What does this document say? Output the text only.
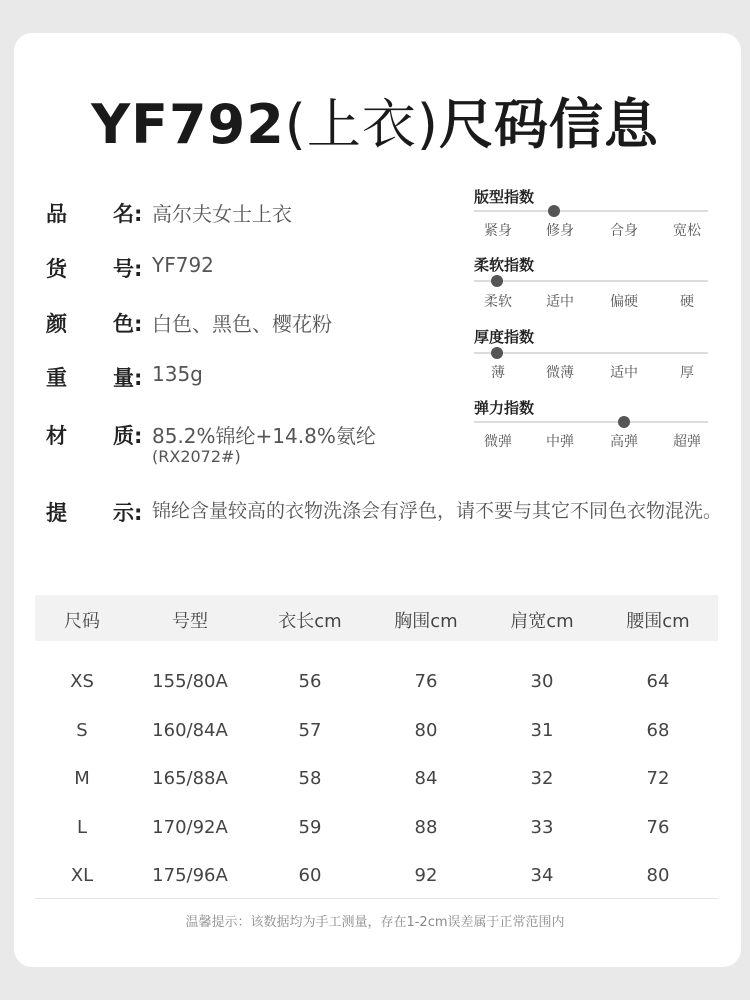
YF792(上衣)尺码信息
品名: 高尔夫女士上衣
货号: YF792
颜色: 白色、黑色、樱花粉
重量: 135g
材质: 85.2%锦纶+14.8%氨纶
(RX2072#)
提示: 锦纶含量较高的衣物洗涤会有浮色，请不要与其它不同色衣物混洗。
版型指数
紧身 修身	合身	宽松
柔软指数
柔软 适中	偏硬	硬
厚度指数
薄	微薄	适中	厚
弹力指数
微弹 中弹	高弹	超弹
尺码	号型	衣长cm	胸围cm	肩宽cm	腰围cm
XS	155/80A	56	76	30	64
S	160/84A	57	80	31	68
M	165/88A	58	84	32	72
L	170/92A	59	88	33	76
XL	175/96A	60	92	34	80
温馨提示：该数据均为手工测量，存在1-2cm误差属于正常范围内
